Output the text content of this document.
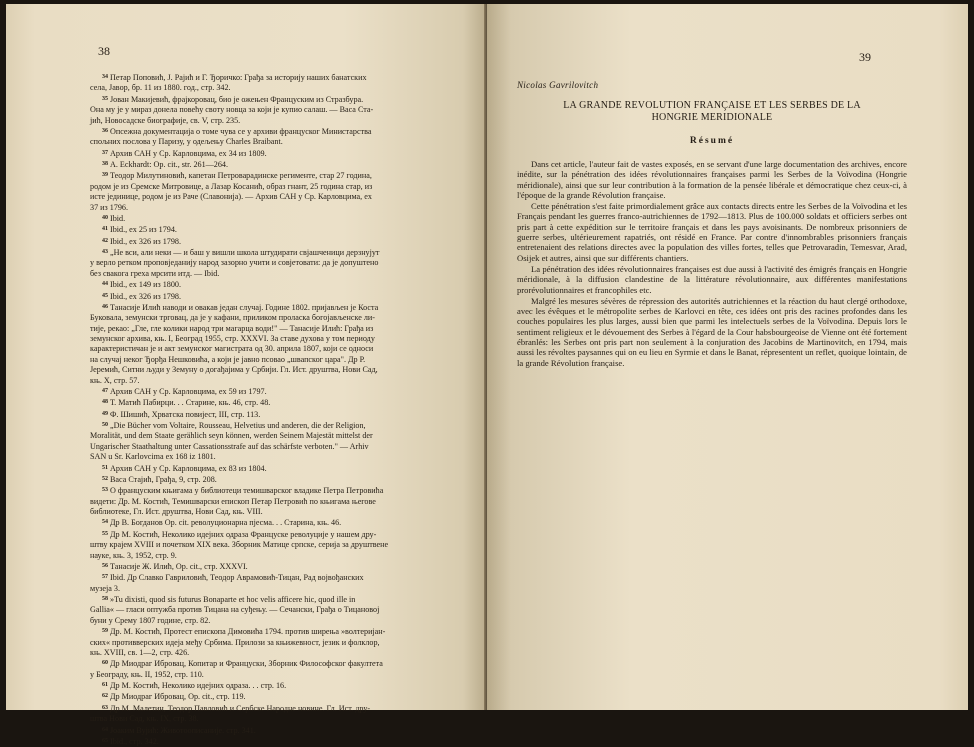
38

$^{34}$ Петар Поповић, J. Рајић и Г. Ђоричко: Грађа за историју наших банатских

села, Јавор, бр. 11 из 1880. год., стр. 342.

$^{35}$ Јован Макијевић, фрајкоровац, био је ожењен Француским из Стразбура.

Она му је у мираз донела повећу своту новца за који је купио салаш. — Васа Ста-

јић, Новосадске биографије, св. V, стр. 235.

$^{36}$ Опсежна документација о томе чува се у архиви француског Министарства

спољних послова у Паризу, у одељењу Charles Braibant.

$^{37}$ Архив САН у Ср. Карловцима, ex 34 из 1809.

$^{38}$ A. Eckhardt: Op. cit., str. 261—264.

$^{39}$ Теодор Милутиновић, капетан Петроварадинске регименте, стар 27 година,

родом је из Сремске Митровице, а Лазар Косанић, образ гнант, 25 година стар, из

исте јединице, родом је из Раче (Славонија). — Архив САН у Ср. Карловцима, ex

37 из 1796.

$^{40}$ Ibid.

$^{41}$ Ibid., ex 25 из 1794.

$^{42}$ Ibid., ex 326 из 1798.

$^{43}$ „Не вси, али неки — и баш у вишли школа штудирати свјашченици дерзнујут

у веpло ретком проповједанију народ зазорно учити и совјетовати: да је допуштено

без свакога греха мрсити итд. — Ibid.

$^{44}$ Ibid., ex 149 из 1800.

$^{45}$ Ibid., ex 326 из 1798.

$^{46}$ Танасије Илић наводи и овакав један случај. Године 1802. пријављен је Коста

Буковала, земунски трговац, да је у кафани, приликом проласка богојављенске ли-

тије, рекао: „Гле, гле колики народ три магарца води!" — Танасије Илић: Грађа из

земунског архива, књ. I, Београд 1955, стр. XXXVI. За ставе духова у том периоду

карактеристичан је и акт земунског магистрата од 30. априла 1807, који се односи

на случај неког Ђорђа Нешковића, а који је јавно псовао „швапског цара". Др Р.

Јеремић, Ситни људи у Земуну о догађајима у Србији. Гл. Ист. друштва, Нови Сад,

књ. X, стр. 57.

$^{47}$ Архив САН у Ср. Карловцима, ex 59 из 1797.

$^{48}$ Т. Матић Пабирци. . . Старине, књ. 46, стр. 48.

$^{49}$ Ф. Шишић, Хрватска повијест, III, стр. 113.

$^{50}$ „Die Bücher vom Voltaire, Rousseau, Helvetius und anderen, die der Religion,

Moralität, und dem Staate gerählich seyn können, werden Seinem Majestät mittelst der

Ungarischer Staathaltung unter Cassationsstrafe auf das schärfste verboten." — Arhiv

SAN u Sr. Karlovcima ex 168 iz 1801.

$^{51}$ Архив САН у Ср. Карловцима, ex 83 из 1804.

$^{52}$ Васа Стајић, Грађа, 9, стр. 208.

$^{53}$ О француским књигама у библиотеци темишварског владике Петра Петровића

видети: Др. М. Костић, Темишварски епископ Петар Петровић по књигама његове

библиотеке, Гл. Ист. друштва, Нови Сад, књ. VIII.

$^{54}$ Др В. Богданов Op. cit. револуционарна пјесма. . . Старина, књ. 46.

$^{55}$ Др М. Костић, Неколико идејних одраза Француске револуције у нашем дру-

штву крајем XVIII и почетком XIX века. Зборник Матице српске, серија за друштвене

науке, књ. 3, 1952, стр. 9.

$^{56}$ Танасије Ж. Илић, Op. cit., стр. XXXVI.

$^{57}$ Ibid. Др Славко Гавриловић, Теодор Аврамовић-Тицан, Рад војвођанских

музеја 3.

$^{58}$ »Tu dixisti, quod sis futurus Bonaparte et hoc velis afficere hic, quod ille in

Gallia« — гласи оптужба против Тицана на суђењу. — Сечански, Грађа о Тицановој

буни у Срему 1807 године, стр. 82.

$^{59}$ Др. М. Костић, Протест епископа Димовића 1794. против ширења »волтеријан-

ских« противверских идеја међу Србима. Прилози за књижевност, језик и фолклор,

књ. XVIII, св. 1—2, стр. 426.

$^{60}$ Др Миодраг Ибровац, Копитар и Француски, Зборник Философског факултета

у Београду, књ. II, 1952, стр. 110.

$^{61}$ Др М. Костић, Неколико идејних одраза. . . стр. 16.

$^{62}$ Др Миодраг Ибровац, Op. cit., стр. 119.

$^{63}$ Др М. Малетин, Теодор Павловић и Сербске Народне новине. Гл. Ист. дру-

штва Нови Сад, књ. IX, стр. 38.

$^{64}$ Јоаким Вујић: Животоописаније. стр. 341.

$^{65}$ Ibid., стр. 342.

39
Nicolas Gavrilovitch
LA GRANDE REVOLUTION FRANÇAISE ET LES SERBES DE LA
HONGRIE MERIDIONALE
Résumé

Dans cet article, l'auteur fait de vastes exposés, en se servant d'une large documentation des archives, encore inédite, sur la pénétration des idées révolutionnaires françaises parmi les Serbes de la Voïvodina (Hongrie méridionale), ainsi que sur leur contribution à la formation de la pensée libérale et démocratique chez ceux-ci, à l'époque de la grande Révolution française.

Cette pénétration s'est faite primordialement grâce aux contacts directs entre les Serbes de la Voïvodina et les Français pendant les guerres franco-autrichiennes de 1792—1813. Plus de 100.000 soldats et officiers serbes ont pris part à cette expédition sur le territoire français et dans les pays avoisinants. De nombreux prisonniers de guerre serbes, ultérieurement rapatriés, ont résidé en France. Par contre d'innombrables prisonniers français entretenaient des relations directes avec la population des villes fortes, telles que Petrovaradin, Temesvar, Arad, Osijek et autres, ainsi que sur différents chantiers.

La pénétration des idées révolutionnaires françaises est due aussi à l'activité des émigrés français en Hongrie méridionale, à la diffusion clandestine de la littérature révolutionnaire, aux différentes manifestations prorévolutionnaires et francophiles etc.

Malgré les mesures sévères de répression des autorités autrichiennes et la réaction du haut clergé orthodoxe, avec les évêques et le métropolite serbes de Karlovci en tête, ces idées ont pris des racines profondes dans les couches populaires les plus larges, aussi bien que parmi les intelectuels serbes de la Voïvodina. Depuis lors le sentiment religieux et le dévouement des Serbes à l'égard de la Cour habsbourgeoise de Vienne ont été fortement ébranlés: les Serbes ont pris part non seulement à la conjuration des Jacobins de Martinovitch, en 1794, mais aussi les révoltes paysannes qui on eu lieu en Syrmie et dans le Banat, répresentent un reflet, quoique lointain, de la grande Révolution française.
